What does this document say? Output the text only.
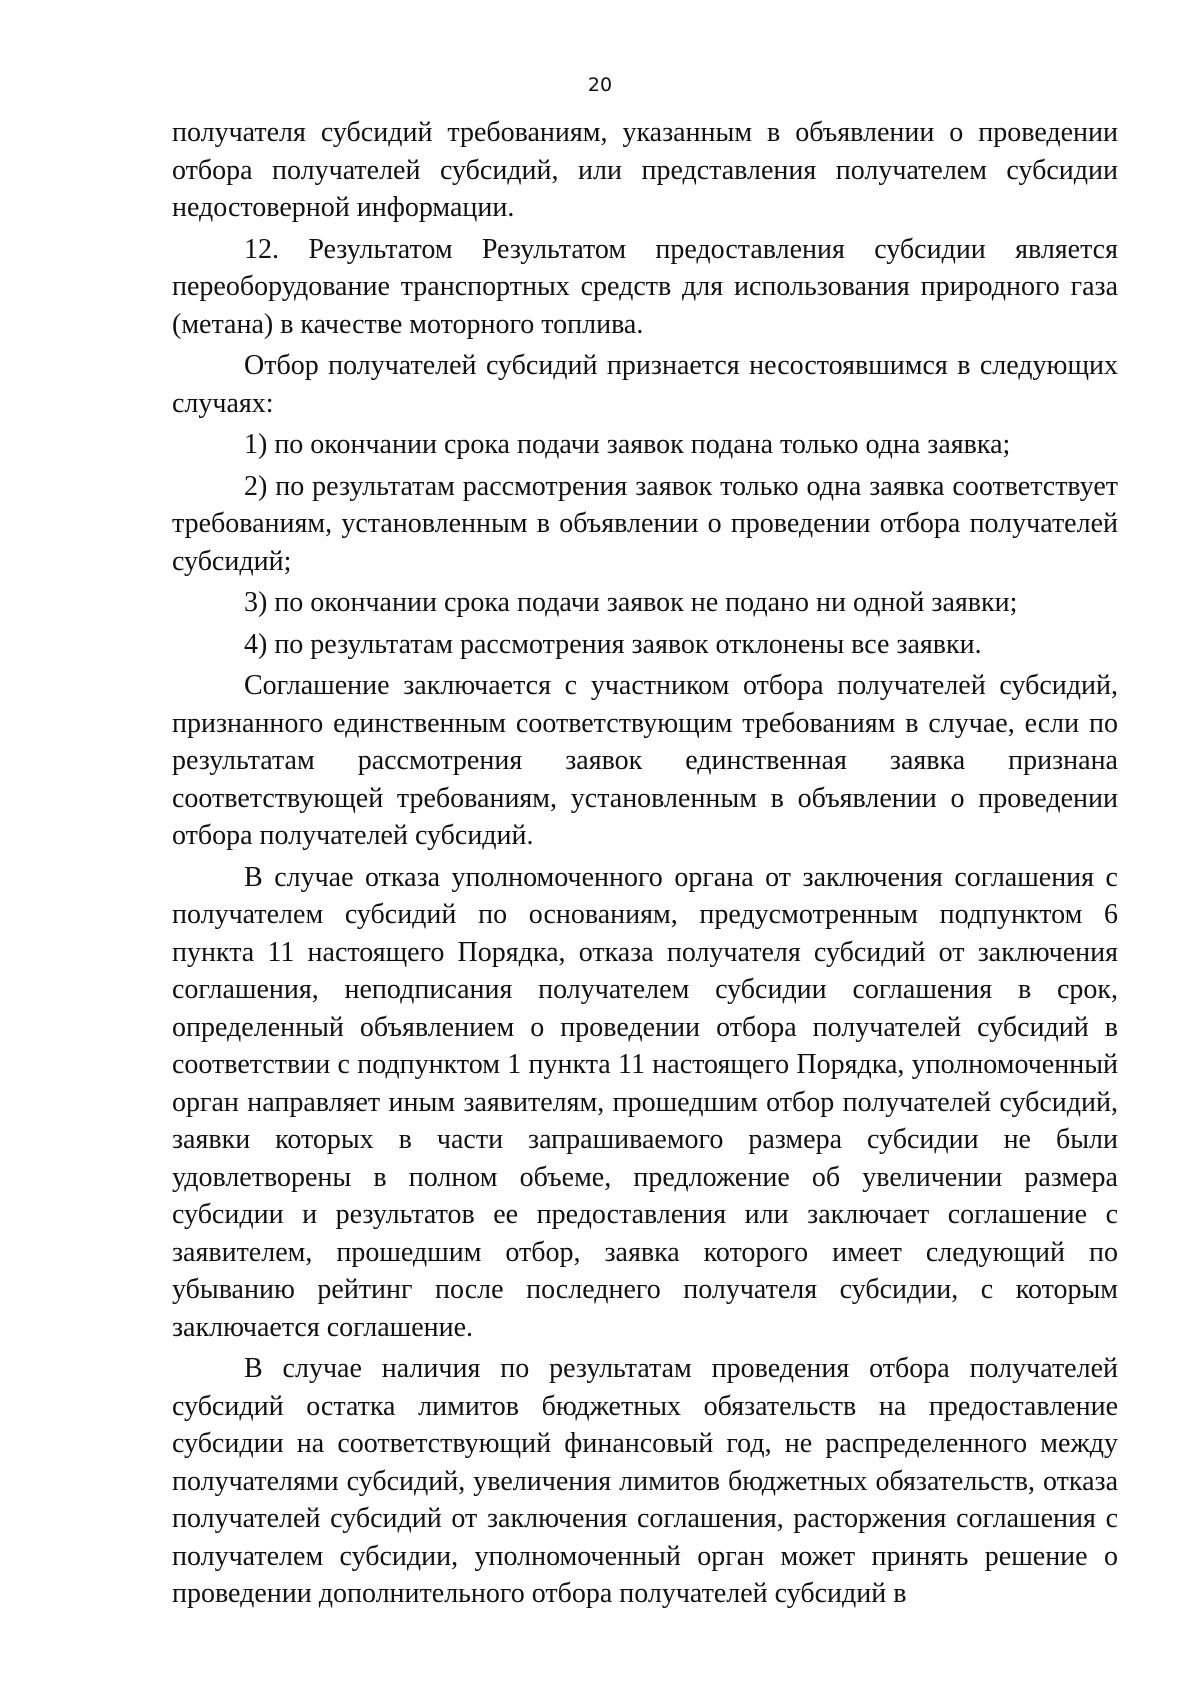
20

получателя субсидий требованиям, указанным в объявлении о проведении отбора получателей субсидий, или представления получателем субсидии недостоверной информации.

12. Результатом Результатом предоставления субсидии является переоборудование транспортных средств для использования природного газа (метана) в качестве моторного топлива.

Отбор получателей субсидий признается несостоявшимся в следующих случаях:

1) по окончании срока подачи заявок подана только одна заявка;

2) по результатам рассмотрения заявок только одна заявка соответствует требованиям, установленным в объявлении о проведении отбора получателей субсидий;

3) по окончании срока подачи заявок не подано ни одной заявки;

4) по результатам рассмотрения заявок отклонены все заявки.

Соглашение заключается с участником отбора получателей субсидий, признанного единственным соответствующим требованиям в случае, если по результатам рассмотрения заявок единственная заявка признана соответствующей требованиям, установленным в объявлении о проведении отбора получателей субсидий.

В случае отказа уполномоченного органа от заключения соглашения с получателем субсидий по основаниям, предусмотренным подпунктом 6 пункта 11 настоящего Порядка, отказа получателя субсидий от заключения соглашения, неподписания получателем субсидии соглашения в срок, определенный объявлением о проведении отбора получателей субсидий в соответствии с подпунктом 1 пункта 11 настоящего Порядка, уполномоченный орган направляет иным заявителям, прошедшим отбор получателей субсидий, заявки которых в части запрашиваемого размера субсидии не были удовлетворены в полном объеме, предложение об увеличении размера субсидии и результатов ее предоставления или заключает соглашение с заявителем, прошедшим отбор, заявка которого имеет следующий по убыванию рейтинг после последнего получателя субсидии, с которым заключается соглашение.

В случае наличия по результатам проведения отбора получателей субсидий остатка лимитов бюджетных обязательств на предоставление субсидии на соответствующий финансовый год, не распределенного между получателями субсидий, увеличения лимитов бюджетных обязательств, отказа получателей субсидий от заключения соглашения, расторжения соглашения с получателем субсидии, уполномоченный орган может принять решение о проведении дополнительного отбора получателей субсидий в
